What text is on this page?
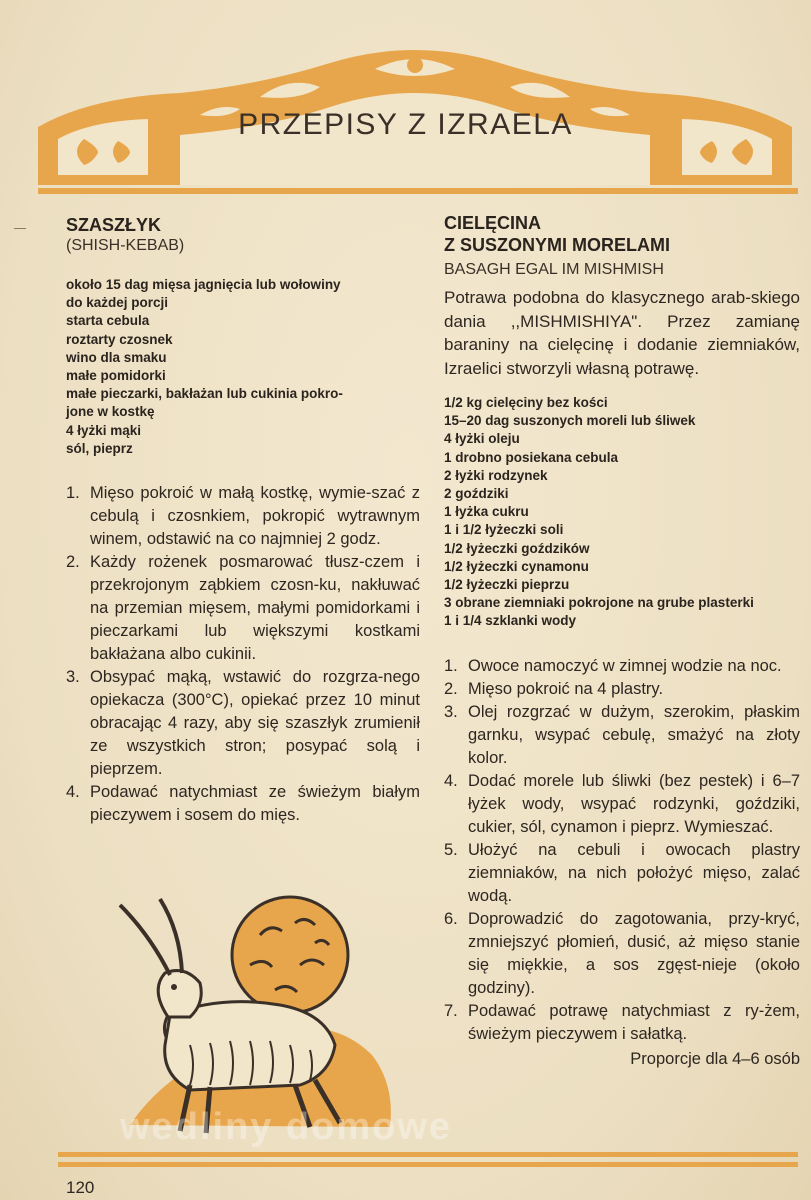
PRZEPISY Z IZRAELA
SZASZŁYK
(SHISH-KEBAB)
około 15 dag mięsa jagnięcia lub wołowiny
do każdej porcji
starta cebula
roztarty czosnek
wino dla smaku
małe pomidorki
małe pieczarki, bakłażan lub cukinia pokro-
jone w kostkę
4 łyżki mąki
sól, pieprz
1. Mięso pokroić w małą kostkę, wymie-szać z cebulą i czosnkiem, pokropić wytrawnym winem, odstawić na co najmniej 2 godz.
2. Każdy rożenek posmarować tłusz-czem i przekrojonym ząbkiem czosn-ku, nakłuwać na przemian mięsem, małymi pomidorkami i pieczarkami lub większymi kostkami bakłażana albo cukinii.
3. Obsypać mąką, wstawić do rozgrza-nego opiekacza (300°C), opiekać przez 10 minut obracając 4 razy, aby się szaszłyk zrumienił ze wszystkich stron; posypać solą i pieprzem.
4. Podawać natychmiast ze świeżym białym pieczywem i sosem do mięs.
wedliny domowe
CIELĘCINA
Z SUSZONYMI MORELAMI
BASAGH EGAL IM MISHMISH

Potrawa podobna do klasycznego arab-skiego dania ,,MISHMISHIYA". Przez zamianę baraniny na cielęcinę i dodanie ziemniaków, Izraelici stworzyli własną potrawę.

1/2 kg cielęciny bez kości
15–20 dag suszonych moreli lub śliwek
4 łyżki oleju
1 drobno posiekana cebula
2 łyżki rodzynek
2 goździki
1 łyżka cukru
1 i 1/2 łyżeczki soli
1/2 łyżeczki goździków
1/2 łyżeczki cynamonu
1/2 łyżeczki pieprzu
3 obrane ziemniaki pokrojone na grube plasterki
1 i 1/4 szklanki wody
1. Owoce namoczyć w zimnej wodzie na noc.
2. Mięso pokroić na 4 plastry.
3. Olej rozgrzać w dużym, szerokim, płaskim garnku, wsypać cebulę, smażyć na złoty kolor.
4. Dodać morele lub śliwki (bez pestek) i 6–7 łyżek wody, wsypać rodzynki, goździki, cukier, sól, cynamon i pieprz. Wymieszać.
5. Ułożyć na cebuli i owocach plastry ziemniaków, na nich położyć mięso, zalać wodą.
6. Doprowadzić do zagotowania, przy-kryć, zmniejszyć płomień, dusić, aż mięso stanie się miękkie, a sos zgęst-nieje (około godziny).
7. Podawać potrawę natychmiast z ry-żem, świeżym pieczywem i sałatką.
Proporcje dla 4–6 osób
120
